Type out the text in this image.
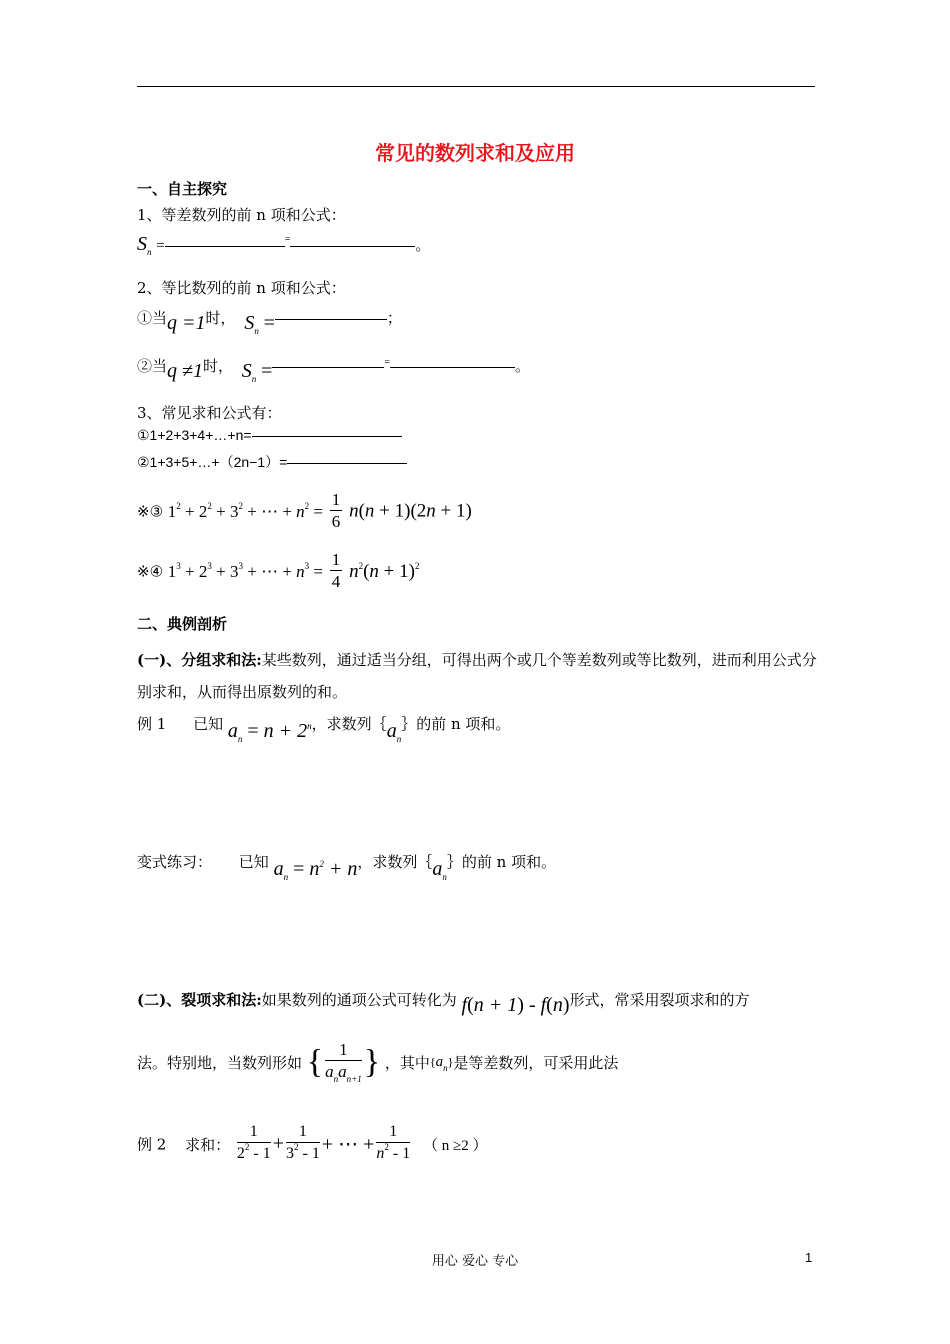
常见的数列求和及应用
一、自主探究
1、等差数列的前 n 项和公式：
$S_n$ =	=	。
2、等比数列的前 n 项和公式：
①当q =1时， $S_n$ =	；
②当q ≠1时， $S_n$ =	=	。
3、常见求和公式有：
①1+2+3+4+…+n=
②1+3+5+…+（2n−1）=
※③ $1^2 + 2^2 + 3^2$ + ⋯ + $n^2 = \frac{1}{6} n(n + 1)(2n + 1)$
※④ $1^3 + 2^3 + 3^3$ + ⋯ + $n^3 = \frac{1}{4} n^2(n + 1)^2$
二、典例剖析
(一)、分组求和法:某些数列，通过适当分组，可得出两个或几个等差数列或等比数列，进而利用公式分别求和，从而得出原数列的和。
例 1 已知 $a_n = n + 2^n$，求数列$\{a_n\}$的前 n 项和。
变式练习： 已知 $a_n = n^2 + n$，求数列$\{a_n\}$的前 n 项和。
(二)、裂项求和法:如果数列的通项公式可转化为 f(n + 1) - f(n)形式，常采用裂项求和的方
法。特别地，当数列形如 { $\frac{1}{a_na_{n+1}}$ } ，其中$\{a_n\}$是等差数列，可采用此法
例 2 求和： $\frac{1}{2^2 - 1} + \frac{1}{3^2 - 1}$ + ⋯ + $\frac{1}{n^2 - 1}$ （ n ≥2 ）
用心 爱心 专心	1
